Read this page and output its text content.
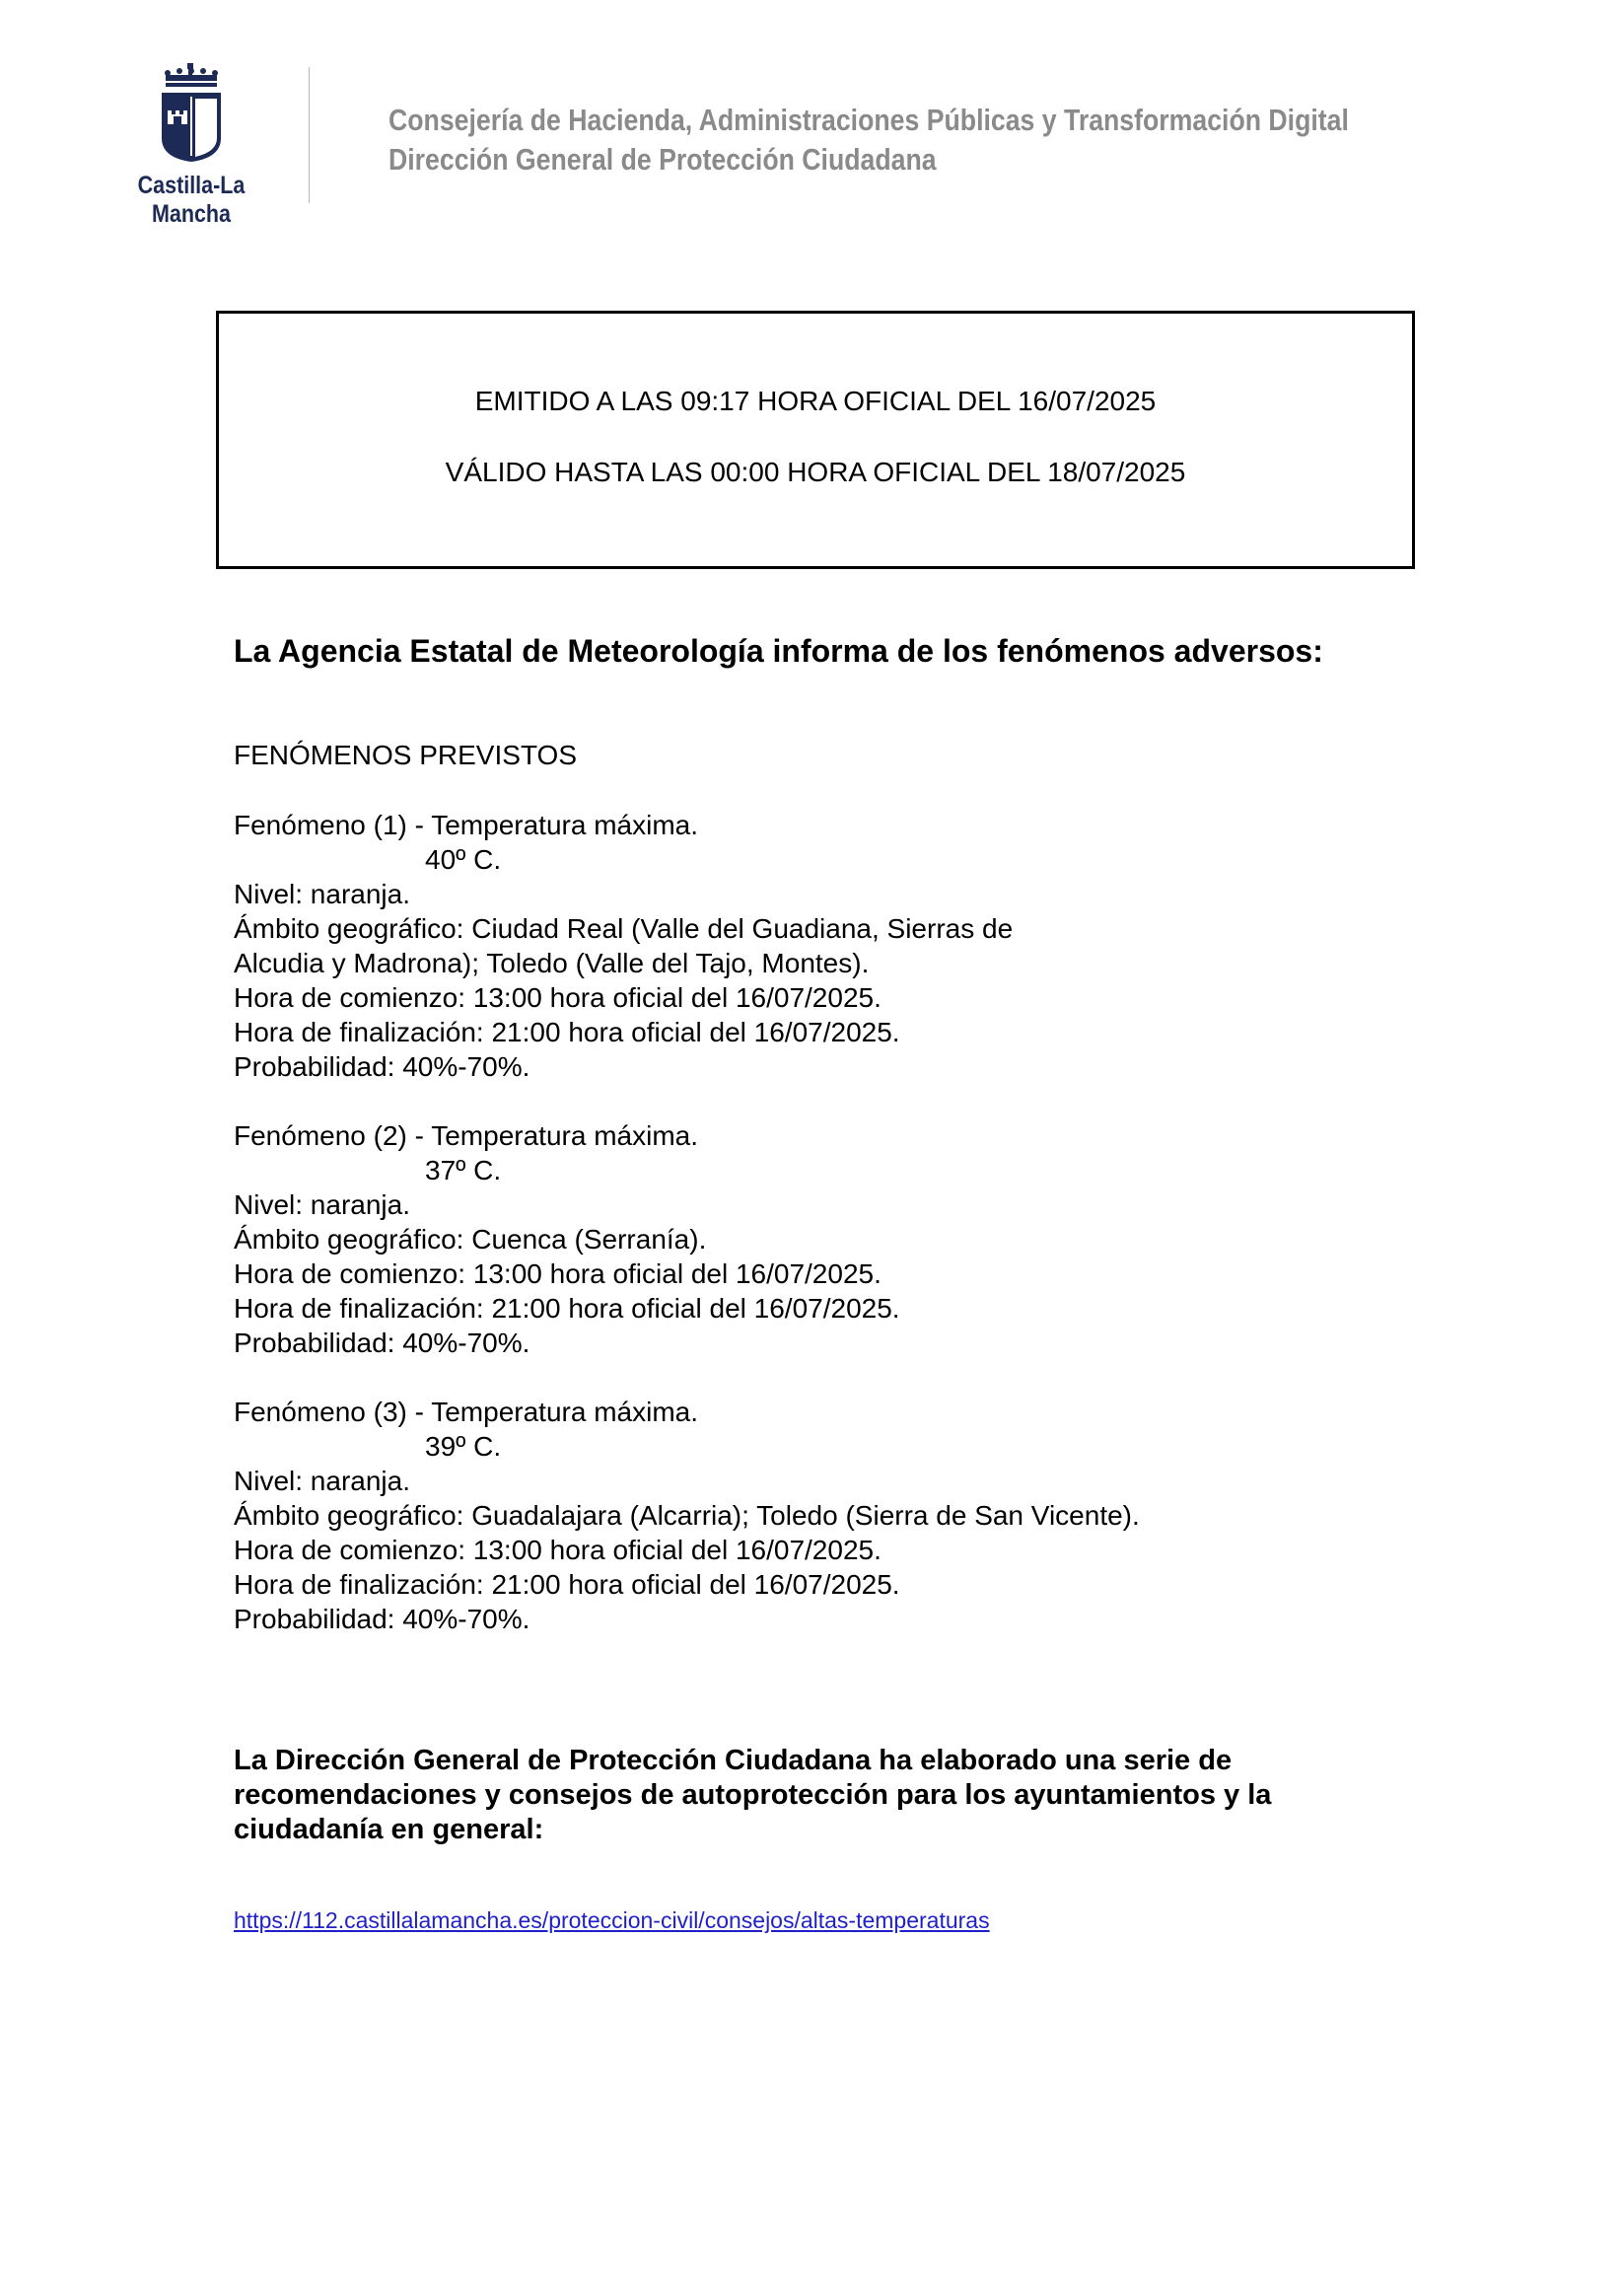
Castilla-La Mancha
Consejería de Hacienda, Administraciones Públicas y Transformación Digital
Dirección General de Protección Ciudadana
EMITIDO A LAS 09:17 HORA OFICIAL DEL 16/07/2025
VÁLIDO HASTA LAS 00:00 HORA OFICIAL DEL 18/07/2025
La Agencia Estatal de Meteorología informa de los fenómenos adversos:
FENÓMENOS PREVISTOS
Fenómeno (1) - Temperatura máxima.
40º C.
Nivel: naranja.
Ámbito geográfico: Ciudad Real (Valle del Guadiana, Sierras de
Alcudia y Madrona); Toledo (Valle del Tajo, Montes).
Hora de comienzo: 13:00 hora oficial del 16/07/2025.
Hora de finalización: 21:00 hora oficial del 16/07/2025.
Probabilidad: 40%-70%.
Fenómeno (2) - Temperatura máxima.
37º C.
Nivel: naranja.
Ámbito geográfico: Cuenca (Serranía).
Hora de comienzo: 13:00 hora oficial del 16/07/2025.
Hora de finalización: 21:00 hora oficial del 16/07/2025.
Probabilidad: 40%-70%.
Fenómeno (3) - Temperatura máxima.
39º C.
Nivel: naranja.
Ámbito geográfico: Guadalajara (Alcarria); Toledo (Sierra de San Vicente).
Hora de comienzo: 13:00 hora oficial del 16/07/2025.
Hora de finalización: 21:00 hora oficial del 16/07/2025.
Probabilidad: 40%-70%.
La Dirección General de Protección Ciudadana ha elaborado una serie de recomendaciones y consejos de autoprotección para los ayuntamientos y la ciudadanía en general:
https://112.castillalamancha.es/proteccion-civil/consejos/altas-temperaturas
